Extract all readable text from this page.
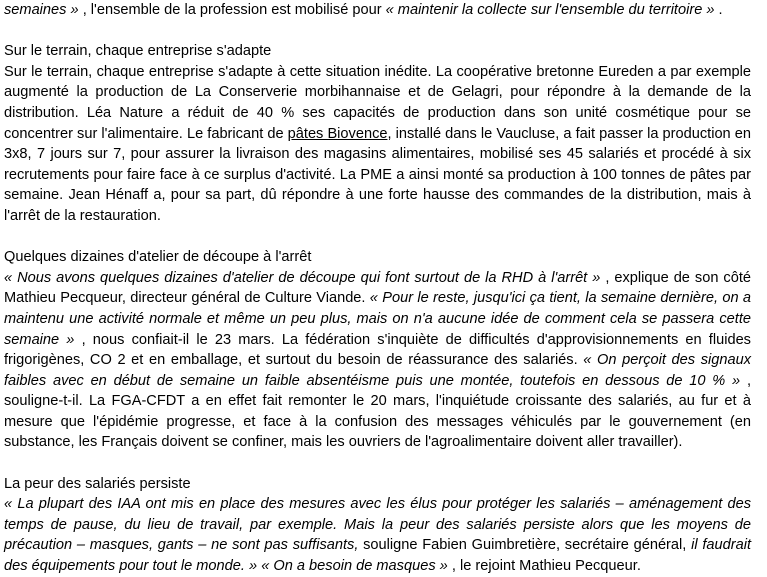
semaines » , l'ensemble de la profession est mobilisé pour « maintenir la collecte sur l'ensemble du territoire » .

Sur le terrain, chaque entreprise s'adapte

Sur le terrain, chaque entreprise s'adapte à cette situation inédite. La coopérative bretonne Eureden a par exemple augmenté la production de La Conserverie morbihannaise et de Gelagri, pour répondre à la demande de la distribution. Léa Nature a réduit de 40 % ses capacités de production dans son unité cosmétique pour se concentrer sur l'alimentaire. Le fabricant de pâtes Biovence, installé dans le Vaucluse, a fait passer la production en 3x8, 7 jours sur 7, pour assurer la livraison des magasins alimentaires, mobilisé ses 45 salariés et procédé à six recrutements pour faire face à ce surplus d'activité. La PME a ainsi monté sa production à 100 tonnes de pâtes par semaine. Jean Hénaff a, pour sa part, dû répondre à une forte hausse des commandes de la distribution, mais à l'arrêt de la restauration.

Quelques dizaines d'atelier de découpe à l'arrêt

« Nous avons quelques dizaines d'atelier de découpe qui font surtout de la RHD à l'arrêt » , explique de son côté Mathieu Pecqueur, directeur général de Culture Viande. « Pour le reste, jusqu'ici ça tient, la semaine dernière, on a maintenu une activité normale et même un peu plus, mais on n'a aucune idée de comment cela se passera cette semaine » , nous confiait-il le 23 mars. La fédération s'inquiète de difficultés d'approvisionnements en fluides frigorigènes, CO 2 et en emballage, et surtout du besoin de réassurance des salariés. « On perçoit des signaux faibles avec en début de semaine un faible absentéisme puis une montée, toutefois en dessous de 10 % » , souligne-t-il. La FGA-CFDT a en effet fait remonter le 20 mars, l'inquiétude croissante des salariés, au fur et à mesure que l'épidémie progresse, et face à la confusion des messages véhiculés par le gouvernement (en substance, les Français doivent se confiner, mais les ouvriers de l'agroalimentaire doivent aller travailler).

La peur des salariés persiste

« La plupart des IAA ont mis en place des mesures avec les élus pour protéger les salariés – aménagement des temps de pause, du lieu de travail, par exemple. Mais la peur des salariés persiste alors que les moyens de précaution – masques, gants – ne sont pas suffisants, souligne Fabien Guimbretière, secrétaire général, il faudrait des équipements pour tout le monde. » « On a besoin de masques » , le rejoint Mathieu Pecqueur.
